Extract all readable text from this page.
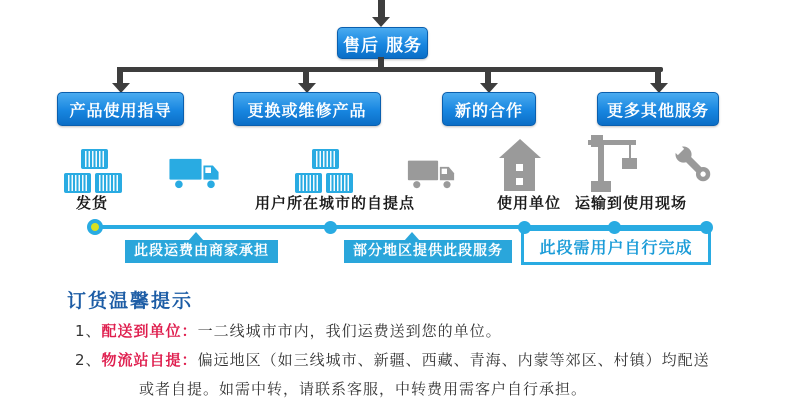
售后 服务
产品使用指导	更换或维修产品	新的合作	更多其他服务
发货	用户所在城市的自提点	使用单位 运输到使用现场
此段运费由商家承担	部分地区提供此段服务	此段需用户自行完成
订货温馨提示
1、配送到单位：一二线城市市内，我们运费送到您的单位。
2、物流站自提：偏远地区（如三线城市、新疆、西藏、青海、内蒙等郊区、村镇）均配送
或者自提。如需中转，请联系客服，中转费用需客户自行承担。
